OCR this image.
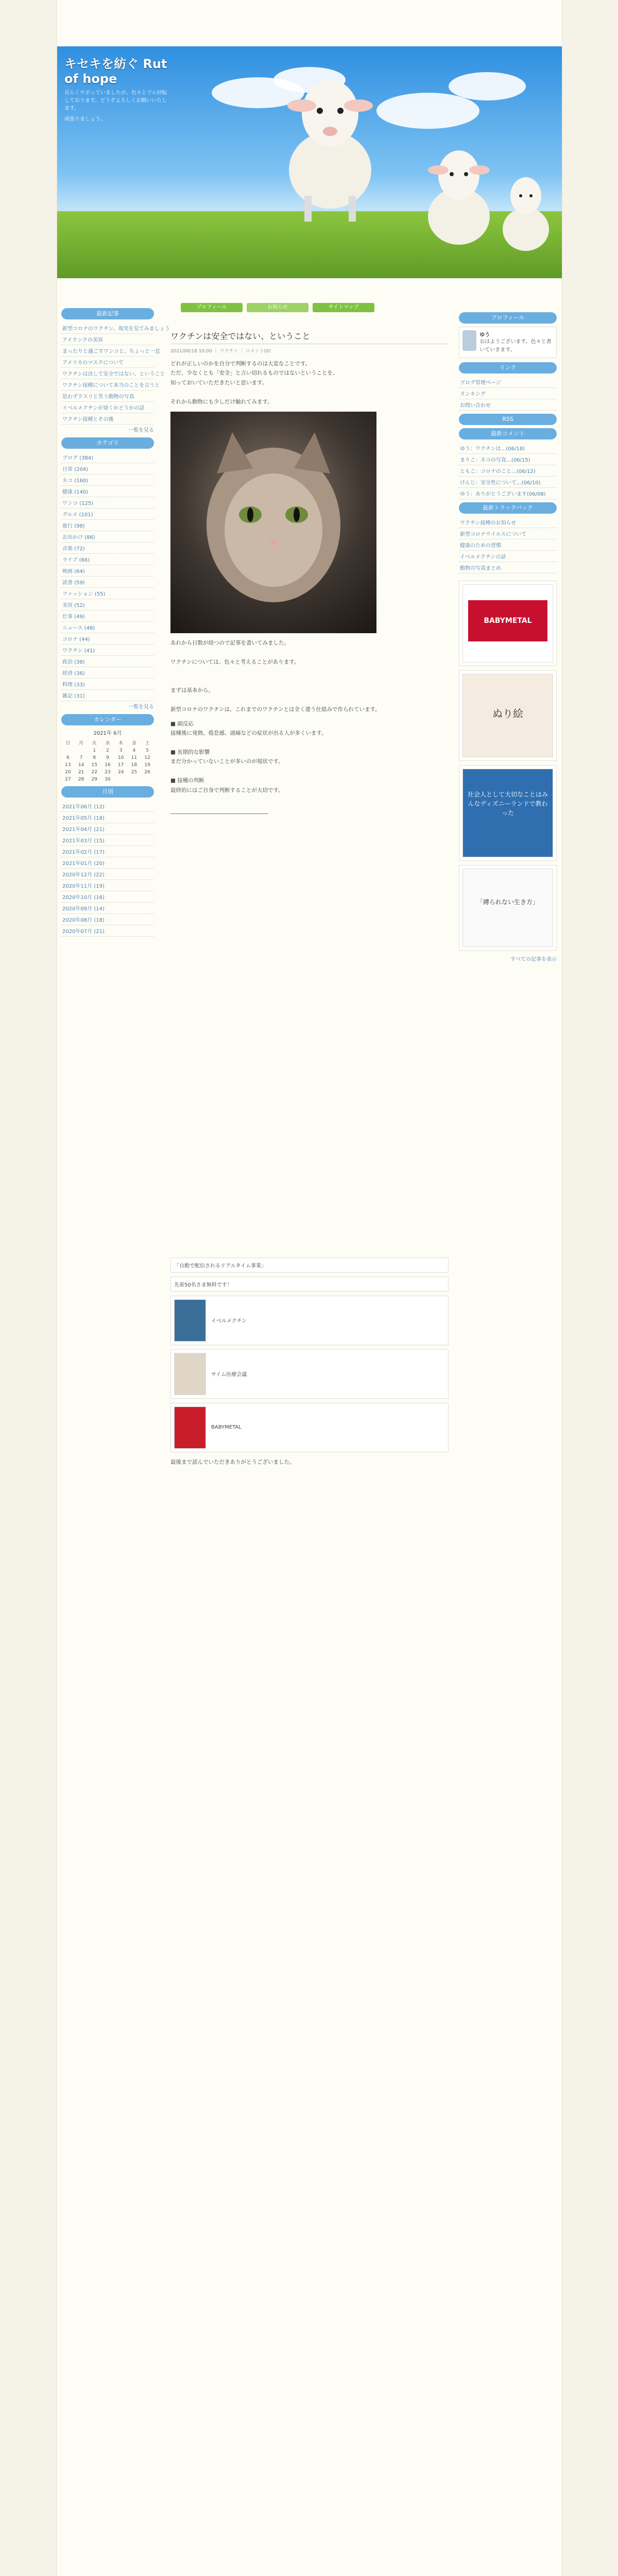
キセキを紡ぐ Rut of hope
長らくサボっていましたが、色々とフル回転しております。どうぞよろしくお願いいたします。
頑張りましょう。
プロフィール	お知らせ	サイトマップ
最新記事
新型コロナのワクチン、現実を見てみましょう
アイランクの美容
まったりと過ごすワンコと、ちょっと一息
アメリカのマスクについて
ワクチンは決して安全ではない、ということ
ワクチン接種について本当のことを言うと
思わずクスリと笑う動物の写真
イベルメクチンが効くかどうかの話
ワクチン接種とその後
一覧を見る
カテゴリ
ブログ (384)
日常 (204)
ネコ (160)
健康 (140)
ワンコ (125)
グルメ (101)
旅行 (98)
お出かけ (86)
音楽 (72)
ライブ (66)
映画 (64)
読書 (59)
ファッション (55)
美容 (52)
仕事 (49)
ニュース (48)
コロナ (44)
ワクチン (41)
政治 (38)
経済 (36)
料理 (33)
雑記 (31)
一覧を見る
カレンダー
2021年 6月
日	月	火	水	木	金	土
		1	2	3	4	5
6	7	8	9	10	11	12
13	14	15	16	17	18	19
20	21	22	23	24	25	26
27	28	29	30			
月別
2021年06月 (12)
2021年05月 (18)
2021年04月 (21)
2021年03月 (15)
2021年02月 (17)
2021年01月 (20)
2020年12月 (22)
2020年11月 (19)
2020年10月 (16)
2020年09月 (14)
2020年08月 (18)
2020年07月 (21)
ワクチンは安全ではない、ということ
2021/06/18 10:00 ｜ ワクチン ｜ コメント(0)
どれが正しいのかを自分で判断するのは大変なことです。
ただ、少なくとも「安全」と言い切れるものではないということを、
知っておいていただきたいと思います。

それから動物にも少しだけ触れてみます。
あれから日数が経つので記事を書いてみました。

ワクチンについては、色々と考えることがあります。

まずは基本から。

新型コロナのワクチンは、これまでのワクチンとは全く違う仕組みで作られています。
■ 副反応
接種後に発熱、倦怠感、頭痛などの症状が出る人が多くいます。

■ 長期的な影響
まだ分かっていないことが多いのが現状です。

■ 接種の判断
最終的にはご自身で判断することが大切です。

──────────────────────────────

「自動で配信されるリアルタイム事業」
先着50名さま無料です！
イベルメクチン
サイム医療会議
BABYMETAL
最後まで読んでいただきありがとうございました。
プロフィール
ゆう
おはようございます。色々と書いていきます。
リンク
ブログ管理ページ
ランキング
お問い合わせ
RSS
最新コメント
ゆう：ワクチンは…(06/18)
まりこ：ネコの写真…(06/15)
ともこ：コロナのこと…(06/12)
けんじ：安全性について…(06/10)
ゆう：ありがとうございます(06/08)
最新トラックバック
ワクチン接種のお知らせ
新型コロナウイルスについて
健康のための習慣
イベルメクチンの話
動物の写真まとめ
BABYMETAL
ぬり絵
社会人として大切なことはみんなディズニーランドで教わった
「縛られない生き方」
すべての記事を表示
